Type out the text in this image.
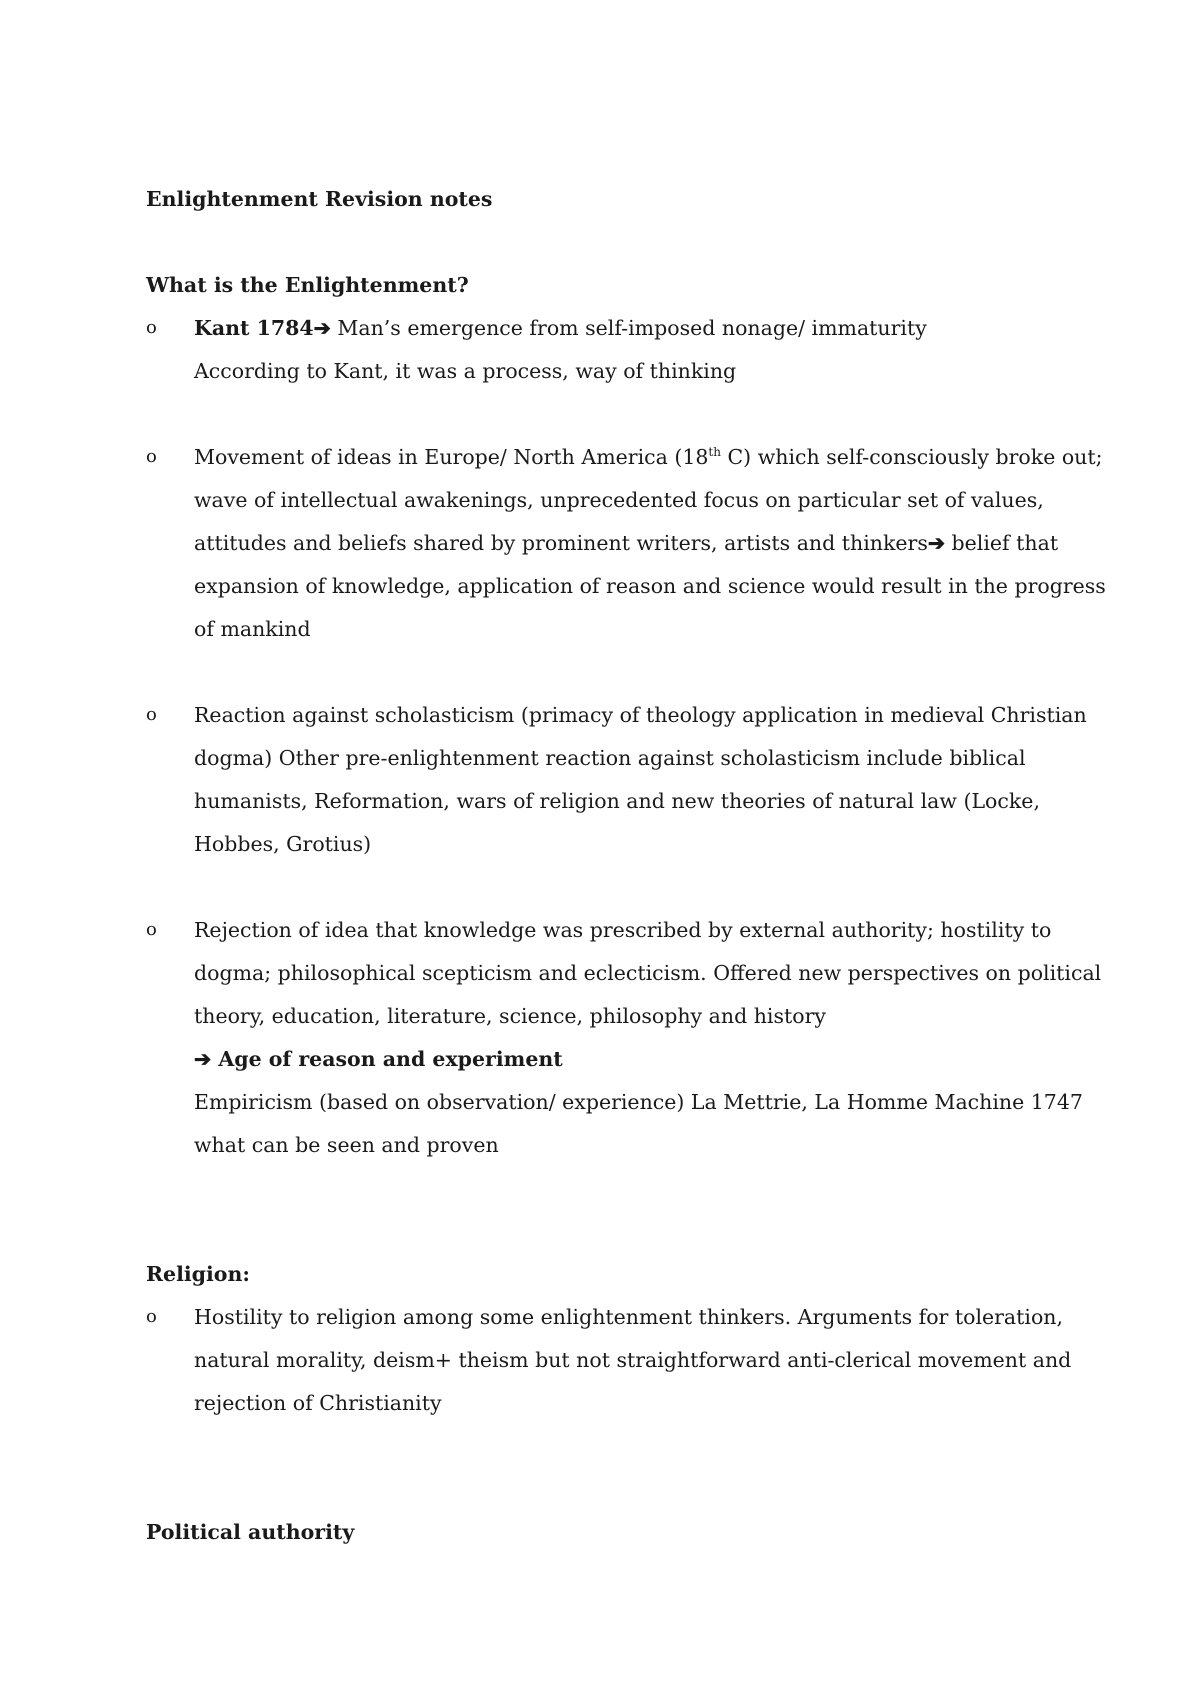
Enlightenment Revision notes
What is the Enlightenment?
o Kant 1784➔ Man’s emergence from self-imposed nonage/ immaturity
According to Kant, it was a process, way of thinking
o Movement of ideas in Europe/ North America (18th C) which self-consciously broke out;
wave of intellectual awakenings, unprecedented focus on particular set of values,
attitudes and beliefs shared by prominent writers, artists and thinkers➔ belief that
expansion of knowledge, application of reason and science would result in the progress
of mankind
o Reaction against scholasticism (primacy of theology application in medieval Christian
dogma) Other pre-enlightenment reaction against scholasticism include biblical
humanists, Reformation, wars of religion and new theories of natural law (Locke,
Hobbes, Grotius)
o Rejection of idea that knowledge was prescribed by external authority; hostility to
dogma; philosophical scepticism and eclecticism. Offered new perspectives on political
theory, education, literature, science, philosophy and history
➔ Age of reason and experiment
Empiricism (based on observation/ experience) La Mettrie, La Homme Machine 1747
what can be seen and proven
Religion:
o Hostility to religion among some enlightenment thinkers. Arguments for toleration,
natural morality, deism+ theism but not straightforward anti-clerical movement and
rejection of Christianity
Political authority
